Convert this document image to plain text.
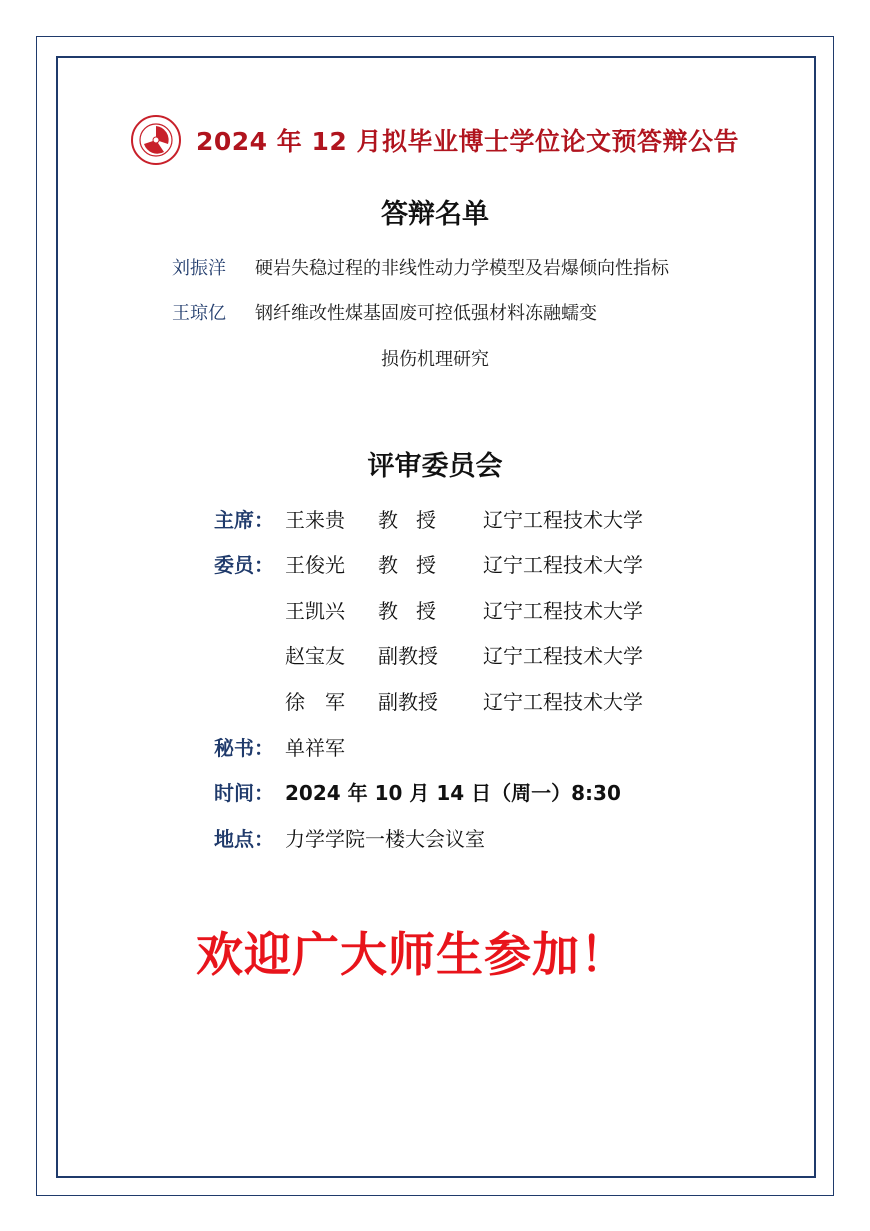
2024 年 12 月拟毕业博士学位论文预答辩公告
答辩名单
刘振洋 硬岩失稳过程的非线性动力学模型及岩爆倾向性指标
王琼亿 钢纤维改性煤基固废可控低强材料冻融蠕变
损伤机理研究
评审委员会
主席： 王来贵 教授 辽宁工程技术大学
委员： 王俊光 教授 辽宁工程技术大学
王凯兴 教授 辽宁工程技术大学
赵宝友 副教授 辽宁工程技术大学
徐　军 副教授 辽宁工程技术大学
秘书： 单祥军
时间： 2024 年 10 月 14 日（周一）8:30
地点： 力学学院一楼大会议室
欢迎广大师生参加！
